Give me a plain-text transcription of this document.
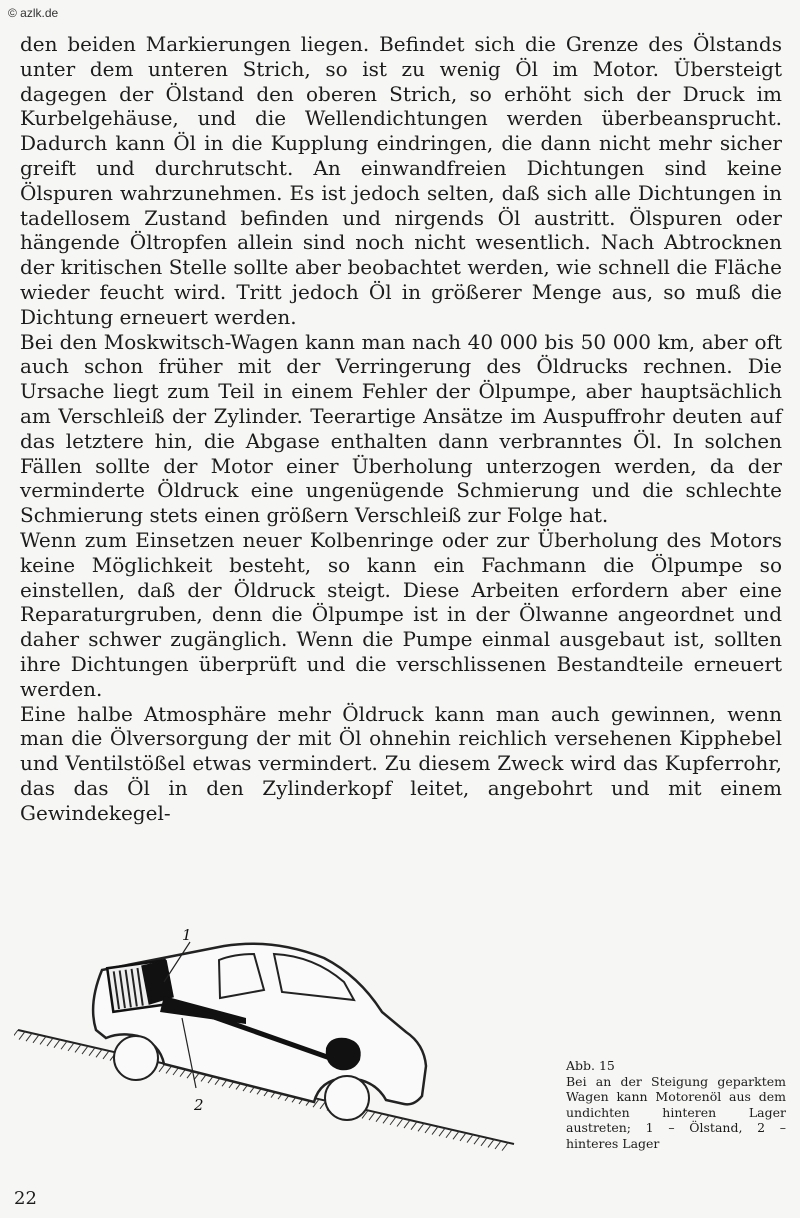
© azlk.de

den beiden Markierungen liegen. Befindet sich die Grenze des Ölstands unter dem unteren Strich, so ist zu wenig Öl im Motor. Übersteigt dagegen der Ölstand den oberen Strich, so erhöht sich der Druck im Kurbelgehäuse, und die Wellendichtungen werden überbeansprucht. Dadurch kann Öl in die Kupplung eindringen, die dann nicht mehr sicher greift und durchrutscht. An einwandfreien Dichtungen sind keine Ölspuren wahrzunehmen. Es ist jedoch selten, daß sich alle Dichtungen in tadellosem Zustand befinden und nirgends Öl austritt. Ölspuren oder hängende Öltropfen allein sind noch nicht wesentlich. Nach Abtrocknen der kritischen Stelle sollte aber beobachtet werden, wie schnell die Fläche wieder feucht wird. Tritt jedoch Öl in größerer Menge aus, so muß die Dichtung erneuert werden.

Bei den Moskwitsch-Wagen kann man nach 40 000 bis 50 000 km, aber oft auch schon früher mit der Verringerung des Öldrucks rechnen. Die Ursache liegt zum Teil in einem Fehler der Ölpumpe, aber hauptsächlich am Verschleiß der Zylinder. Teerartige Ansätze im Auspuffrohr deuten auf das letztere hin, die Abgase enthalten dann verbranntes Öl. In solchen Fällen sollte der Motor einer Überholung unterzogen werden, da der verminderte Öldruck eine ungenügende Schmierung und die schlechte Schmierung stets einen größern Verschleiß zur Folge hat.

Wenn zum Einsetzen neuer Kolbenringe oder zur Überholung des Motors keine Möglichkeit besteht, so kann ein Fachmann die Ölpumpe so einstellen, daß der Öldruck steigt. Diese Arbeiten erfordern aber eine Reparaturgruben, denn die Ölpumpe ist in der Ölwanne angeordnet und daher schwer zugänglich. Wenn die Pumpe einmal ausgebaut ist, sollten ihre Dichtungen überprüft und die verschlissenen Bestandteile erneuert werden.

Eine halbe Atmosphäre mehr Öldruck kann man auch gewinnen, wenn man die Ölversorgung der mit Öl ohnehin reichlich versehenen Kipphebel und Ventilstößel etwas vermindert. Zu diesem Zweck wird das Kupferrohr, das das Öl in den Zylinderkopf leitet, angebohrt und mit einem Gewindekegel-

1
2
Abb. 15
Bei an der Steigung geparktem Wagen kann Motorenöl aus dem undichten hinteren Lager austreten; 1 – Ölstand, 2 – hinteres Lager
22
